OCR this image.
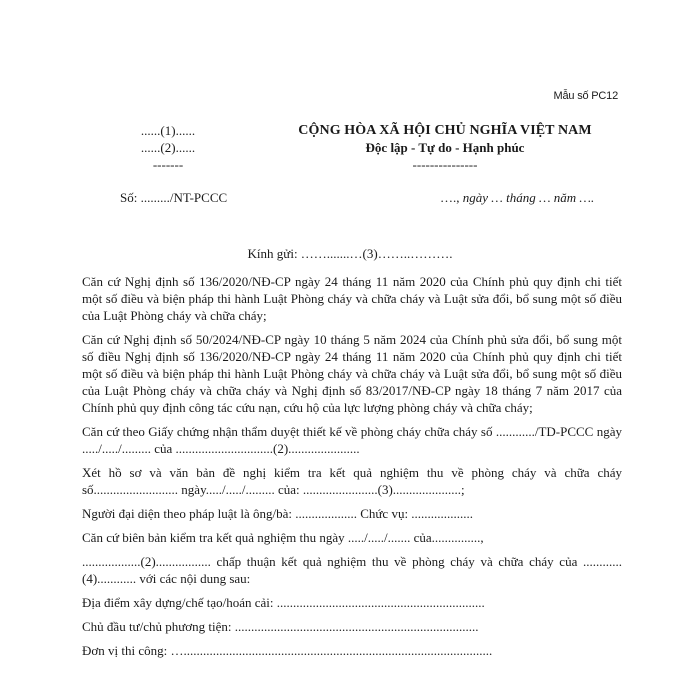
Mẫu số PC12
......(1)......
......(2)......
-------
CỘNG HÒA XÃ HỘI CHỦ NGHĨA VIỆT NAM
Độc lập - Tự do - Hạnh phúc
---------------
Số: ........./NT-PCCC	…., ngày … tháng … năm ….
Kính gửi: …….......…(3)……..……….

Căn cứ Nghị định số 136/2020/NĐ-CP ngày 24 tháng 11 năm 2020 của Chính phủ quy định chi tiết một số điều và biện pháp thi hành Luật Phòng cháy và chữa cháy và Luật sửa đổi, bổ sung một số điều của Luật Phòng cháy và chữa cháy;

Căn cứ Nghị định số 50/2024/NĐ-CP ngày 10 tháng 5 năm 2024 của Chính phủ sửa đổi, bổ sung một số điều Nghị định số 136/2020/NĐ-CP ngày 24 tháng 11 năm 2020 của Chính phủ quy định chi tiết một số điều và biện pháp thi hành Luật Phòng cháy và chữa cháy và Luật sửa đổi, bổ sung một số điều của Luật Phòng cháy và chữa cháy và Nghị định số 83/2017/NĐ-CP ngày 18 tháng 7 năm 2017 của Chính phủ quy định công tác cứu nạn, cứu hộ của lực lượng phòng cháy và chữa cháy;

Căn cứ theo Giấy chứng nhận thẩm duyệt thiết kế về phòng cháy chữa cháy số ............/TD-PCCC ngày ...../...../......... của ..............................(2)......................

Xét hồ sơ và văn bản đề nghị kiểm tra kết quả nghiệm thu về phòng cháy và chữa cháy số.......................... ngày...../...../......... của: .......................(3).....................;

Người đại diện theo pháp luật là ông/bà: ................... Chức vụ: ...................

Căn cứ biên bản kiểm tra kết quả nghiệm thu ngày ...../...../....... của...............,

..................(2)................. chấp thuận kết quả nghiệm thu về phòng cháy và chữa cháy của ............ (4)............ với các nội dung sau:

Địa điểm xây dựng/chế tạo/hoán cải: ................................................................

Chủ đầu tư/chủ phương tiện: ...........................................................................

Đơn vị thi công: …...............................................................................................
